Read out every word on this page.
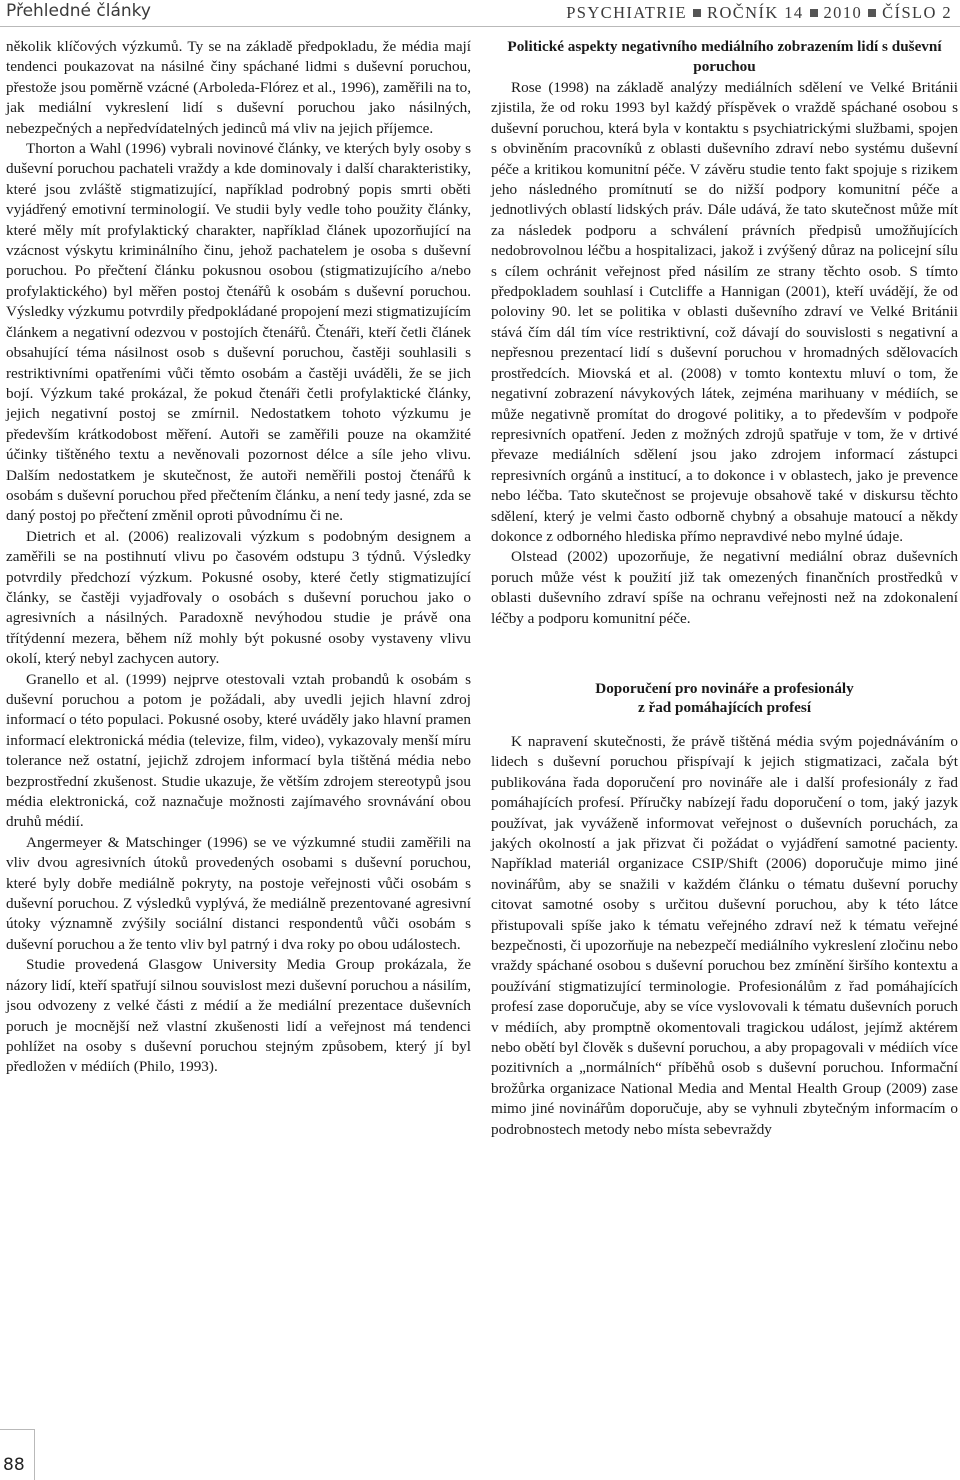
Přehledné články	PSYCHIATRIE ROČNÍK 14 2010 ČÍSLO 2

několik klíčových výzkumů. Ty se na základě předpokladu, že média mají tendenci poukazovat na násilné činy spáchané lidmi s duševní poruchou, přestože jsou poměrně vzácné (Arboleda-Flórez et al., 1996), zaměřili na to, jak mediální vykreslení lidí s duševní poruchou jako násilných, nebezpečných a nepředvídatelných jedinců má vliv na jejich příjemce.

Thorton a Wahl (1996) vybrali novinové články, ve kterých byly osoby s duševní poruchou pachateli vraždy a kde dominovaly i další charakteristiky, které jsou zvláště stigmatizující, například podrobný popis smrti oběti vyjádřený emotivní terminologií. Ve studii byly vedle toho použity články, které měly mít profylaktický charakter, například článek upozorňující na vzácnost výskytu kriminálního činu, jehož pachatelem je osoba s duševní poruchou. Po přečtení článku pokusnou osobou (stigmatizujícího a/nebo profylaktického) byl měřen postoj čtenářů k osobám s duševní poruchou. Výsledky výzkumu potvrdily předpokládané propojení mezi stigmatizujícím článkem a negativní odezvou v postojích čtenářů. Čtenáři, kteří četli článek obsahující téma násilnost osob s duševní poruchou, častěji souhlasili s restriktivními opatřeními vůči těmto osobám a častěji uváděli, že se jich bojí. Výzkum také prokázal, že pokud čtenáři četli profylaktické články, jejich negativní postoj se zmírnil. Nedostatkem tohoto výzkumu je především krátkodobost měření. Autoři se zaměřili pouze na okamžité účinky tištěného textu a nevěnovali pozornost délce a síle jeho vlivu. Dalším nedostatkem je skutečnost, že autoři neměřili postoj čtenářů k osobám s duševní poruchou před přečtením článku, a není tedy jasné, zda se daný postoj po přečtení změnil oproti původnímu či ne.

Dietrich et al. (2006) realizovali výzkum s podobným designem a zaměřili se na postihnutí vlivu po časovém odstupu 3 týdnů. Výsledky potvrdily předchozí výzkum. Pokusné osoby, které četly stigmatizující články, se častěji vyjadřovaly o osobách s duševní poruchou jako o agresivních a násilných. Paradoxně nevýhodou studie je právě ona třítýdenní mezera, během níž mohly být pokusné osoby vystaveny vlivu okolí, který nebyl zachycen autory.

Granello et al. (1999) nejprve otestovali vztah probandů k osobám s duševní poruchou a potom je požádali, aby uvedli jejich hlavní zdroj informací o této populaci. Pokusné osoby, které uváděly jako hlavní pramen informací elektronická média (televize, film, video), vykazovaly menší míru tolerance než ostatní, jejichž zdrojem informací byla tištěná média nebo bezprostřední zkušenost. Studie ukazuje, že větším zdrojem stereotypů jsou média elektronická, což naznačuje možnosti zajímavého srovnávání obou druhů médií.

Angermeyer & Matschinger (1996) se ve výzkumné studii zaměřili na vliv dvou agresivních útoků provedených osobami s duševní poruchou, které byly dobře mediálně pokryty, na postoje veřejnosti vůči osobám s duševní poruchou. Z výsledků vyplývá, že mediálně prezentované agresivní útoky významně zvýšily sociální distanci respondentů vůči osobám s duševní poruchou a že tento vliv byl patrný i dva roky po obou událostech.

Studie provedená Glasgow University Media Group prokázala, že názory lidí, kteří spatřují silnou souvislost mezi duševní poruchou a násilím, jsou odvozeny z velké části z médií a že mediální prezentace duševních poruch je mocnější než vlastní zkušenosti lidí a veřejnost má tendenci pohlížet na osoby s duševní poruchou stejným způsobem, který jí byl předložen v médiích (Philo, 1993).

Politické aspekty negativního mediálního zobrazením lidí s duševní poruchou

Rose (1998) na základě analýzy mediálních sdělení ve Velké Británii zjistila, že od roku 1993 byl každý příspěvek o vraždě spáchané osobou s duševní poruchou, která byla v kontaktu s psychiatrickými službami, spojen s obviněním pracovníků z oblasti duševního zdraví nebo systému duševní péče a kritikou komunitní péče. V závěru studie tento fakt spojuje s rizikem jeho následného promítnutí se do nižší podpory komunitní péče a jednotlivých oblastí lidských práv. Dále udává, že tato skutečnost může mít za následek podporu a schválení právních předpisů umožňujících nedobrovolnou léčbu a hospitalizaci, jakož i zvýšený důraz na policejní sílu s cílem ochránit veřejnost před násilím ze strany těchto osob. S tímto předpokladem souhlasí i Cutcliffe a Hannigan (2001), kteří uvádějí, že od poloviny 90. let se politika v oblasti duševního zdraví ve Velké Británii stává čím dál tím více restriktivní, což dávají do souvislosti s negativní a nepřesnou prezentací lidí s duševní poruchou v hromadných sdělovacích prostředcích. Miovská et al. (2008) v tomto kontextu mluví o tom, že negativní zobrazení návykových látek, zejména marihuany v médiích, se může negativně promítat do drogové politiky, a to především v podpoře represivních opatření. Jeden z možných zdrojů spatřuje v tom, že v drtivé převaze mediálních sdělení jsou jako zdrojem informací zástupci represivních orgánů a institucí, a to dokonce i v oblastech, jako je prevence nebo léčba. Tato skutečnost se projevuje obsahově také v diskursu těchto sdělení, který je velmi často odborně chybný a obsahuje matoucí a někdy dokonce z odborného hlediska přímo nepravdivé nebo mylné údaje.

Olstead (2002) upozorňuje, že negativní mediální obraz duševních poruch může vést k použití již tak omezených finančních prostředků v oblasti duševního zdraví spíše na ochranu veřejnosti než na zdokonalení léčby a podporu komunitní péče.

Doporučení pro novináře a profesionály
z řad pomáhajících profesí

K napravení skutečnosti, že právě tištěná média svým pojednáváním o lidech s duševní poruchou přispívají k jejich stigmatizaci, začala být publikována řada doporučení pro novináře ale i další profesionály z řad pomáhajících profesí. Příručky nabízejí řadu doporučení o tom, jaký jazyk používat, jak vyváženě informovat veřejnost o duševních poruchách, za jakých okolností a jak přizvat či požádat o vyjádření samotné pacienty. Například materiál organizace CSIP/Shift (2006) doporučuje mimo jiné novinářům, aby se snažili v každém článku o tématu duševní poruchy citovat samotné osoby s určitou duševní poruchou, aby k této látce přistupovali spíše jako k tématu veřejného zdraví než k tématu veřejné bezpečnosti, či upozorňuje na nebezpečí mediálního vykreslení zločinu nebo vraždy spáchané osobou s duševní poruchou bez zmínění širšího kontextu a používání stigmatizující terminologie. Profesionálům z řad pomáhajících profesí zase doporučuje, aby se více vyslovovali k tématu duševních poruch v médiích, aby promptně okomentovali tragickou událost, jejímž aktérem nebo obětí byl člověk s duševní poruchou, a aby propagovali v médiích více pozitivních a „normálních“ příběhů osob s duševní poruchou. Informační brožůrka organizace National Media and Mental Health Group (2009) zase mimo jiné novinářům doporučuje, aby se vyhnuli zbytečným informacím o podrobnostech metody nebo místa sebevraždy

88
